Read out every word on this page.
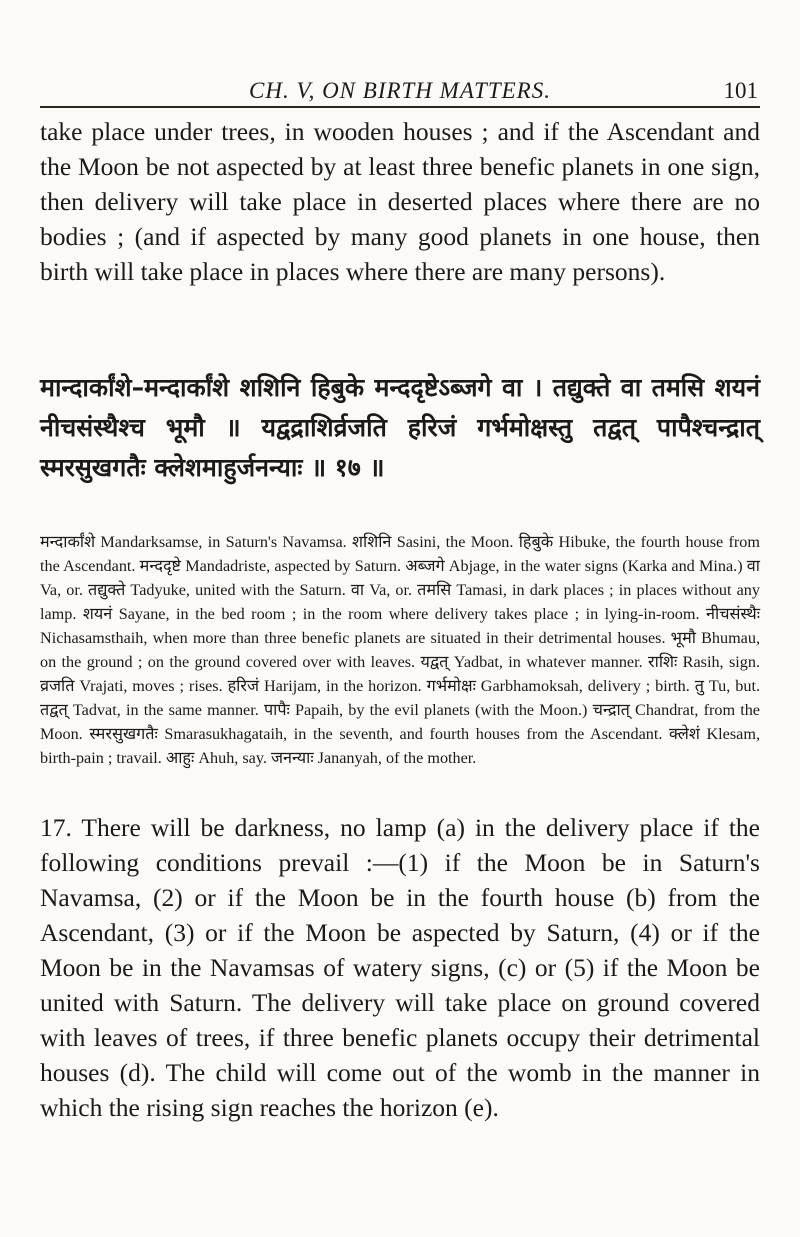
CH. V, ON BIRTH MATTERS.	101

take place under trees, in wooden houses ; and if the Ascendant and the Moon be not aspected by at least three benefic planets in one sign, then delivery will take place in deserted places where there are no bodies ; (and if aspected by many good planets in one house, then birth will take place in places where there are many persons).

मान्दार्कांशे–मन्दार्कांशे शशिनि हिबुके मन्ददृष्टेऽब्जगे वा । तद्युक्ते वा तमसि शयनं नीचसंस्थैश्च भूमौ ॥ यद्वद्राशिर्व्रजति हरिजं गर्भमोक्षस्तु तद्वत् पापैश्चन्द्रात् स्मरसुखगतैः क्लेशमाहुर्जनन्याः ॥ १७ ॥

मन्दार्कांशे Mandarksamse, in Saturn's Navamsa. शशिनि Sasini, the Moon. हिबुके Hibuke, the fourth house from the Ascendant. मन्ददृष्टे Mandadriste, aspected by Saturn. अब्जगे Abjage, in the water signs (Karka and Mina.) वा Va, or. तद्युक्ते Tadyuke, united with the Saturn. वा Va, or. तमसि Tamasi, in dark places ; in places without any lamp. शयनं Sayane, in the bed room ; in the room where delivery takes place ; in lying-in-room. नीचसंस्थैः Nichasamsthaih, when more than three benefic planets are situated in their detrimental houses. भूमौ Bhumau, on the ground ; on the ground covered over with leaves. यद्वत् Yadbat, in whatever manner. राशिः Rasih, sign. व्रजति Vrajati, moves ; rises. हरिजं Harijam, in the horizon. गर्भमोक्षः Garbhamoksah, delivery ; birth. तु Tu, but. तद्वत् Tadvat, in the same manner. पापैः Papaih, by the evil planets (with the Moon.) चन्द्रात् Chandrat, from the Moon. स्मरसुखगतैः Smarasukhagataih, in the seventh, and fourth houses from the Ascendant. क्लेशं Klesam, birth-pain ; travail. आहुः Ahuh, say. जनन्याः Jananyah, of the mother.

17. There will be darkness, no lamp (a) in the delivery place if the following conditions prevail :—(1) if the Moon be in Saturn's Navamsa, (2) or if the Moon be in the fourth house (b) from the Ascendant, (3) or if the Moon be aspected by Saturn, (4) or if the Moon be in the Navamsas of watery signs, (c) or (5) if the Moon be united with Saturn. The delivery will take place on ground covered with leaves of trees, if three benefic planets occupy their detrimental houses (d). The child will come out of the womb in the manner in which the rising sign reaches the horizon (e).
